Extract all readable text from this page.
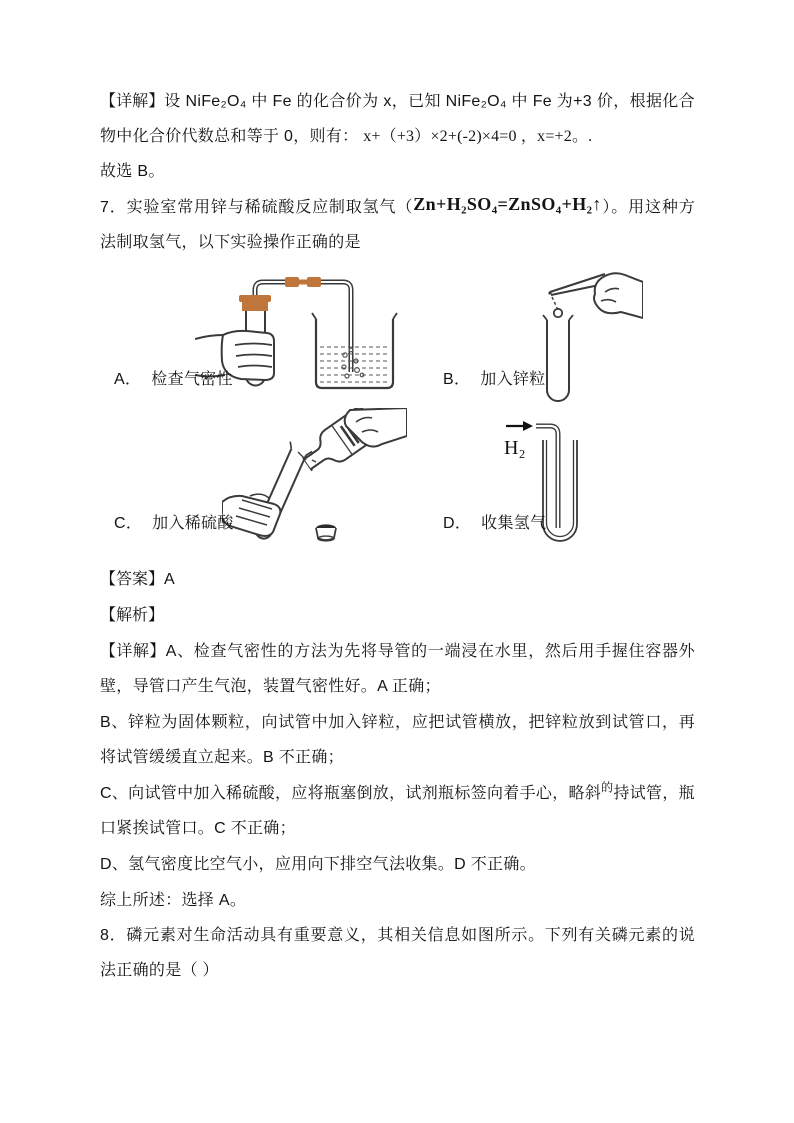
【详解】设 NiFe₂O₄ 中 Fe 的化合价为 x，已知 NiFe₂O₄ 中 Fe 为+3 价，根据化合物中化合价代数总和等于 0，则有： x+（+3）×2+(-2)×4=0 ，x=+2。.

故选 B。

7．实验室常用锌与稀硫酸反应制取氢气（Zn+H₂SO₄=ZnSO₄+H₂↑）。用这种方法制取氢气，以下实验操作正确的是

H₂
A． 检查气密性	B． 加入锌粒
C． 加入稀硫酸	D． 收集氢气

【答案】A

【解析】

【详解】A、检查气密性的方法为先将导管的一端浸在水里，然后用手握住容器外壁，导管口产生气泡，装置气密性好。A 正确；

B、锌粒为固体颗粒，向试管中加入锌粒，应把试管横放，把锌粒放到试管口，再将试管缓缓直立起来。B 不正确；

C、向试管中加入稀硫酸，应将瓶塞倒放，试剂瓶标签向着手心，略斜$^的$持试管，瓶口紧挨试管口。C 不正确；

D、氢气密度比空气小，应用向下排空气法收集。D 不正确。

综上所述：选择 A。

8．磷元素对生命活动具有重要意义，其相关信息如图所示。下列有关磷元素的说法正确的是（ ）
